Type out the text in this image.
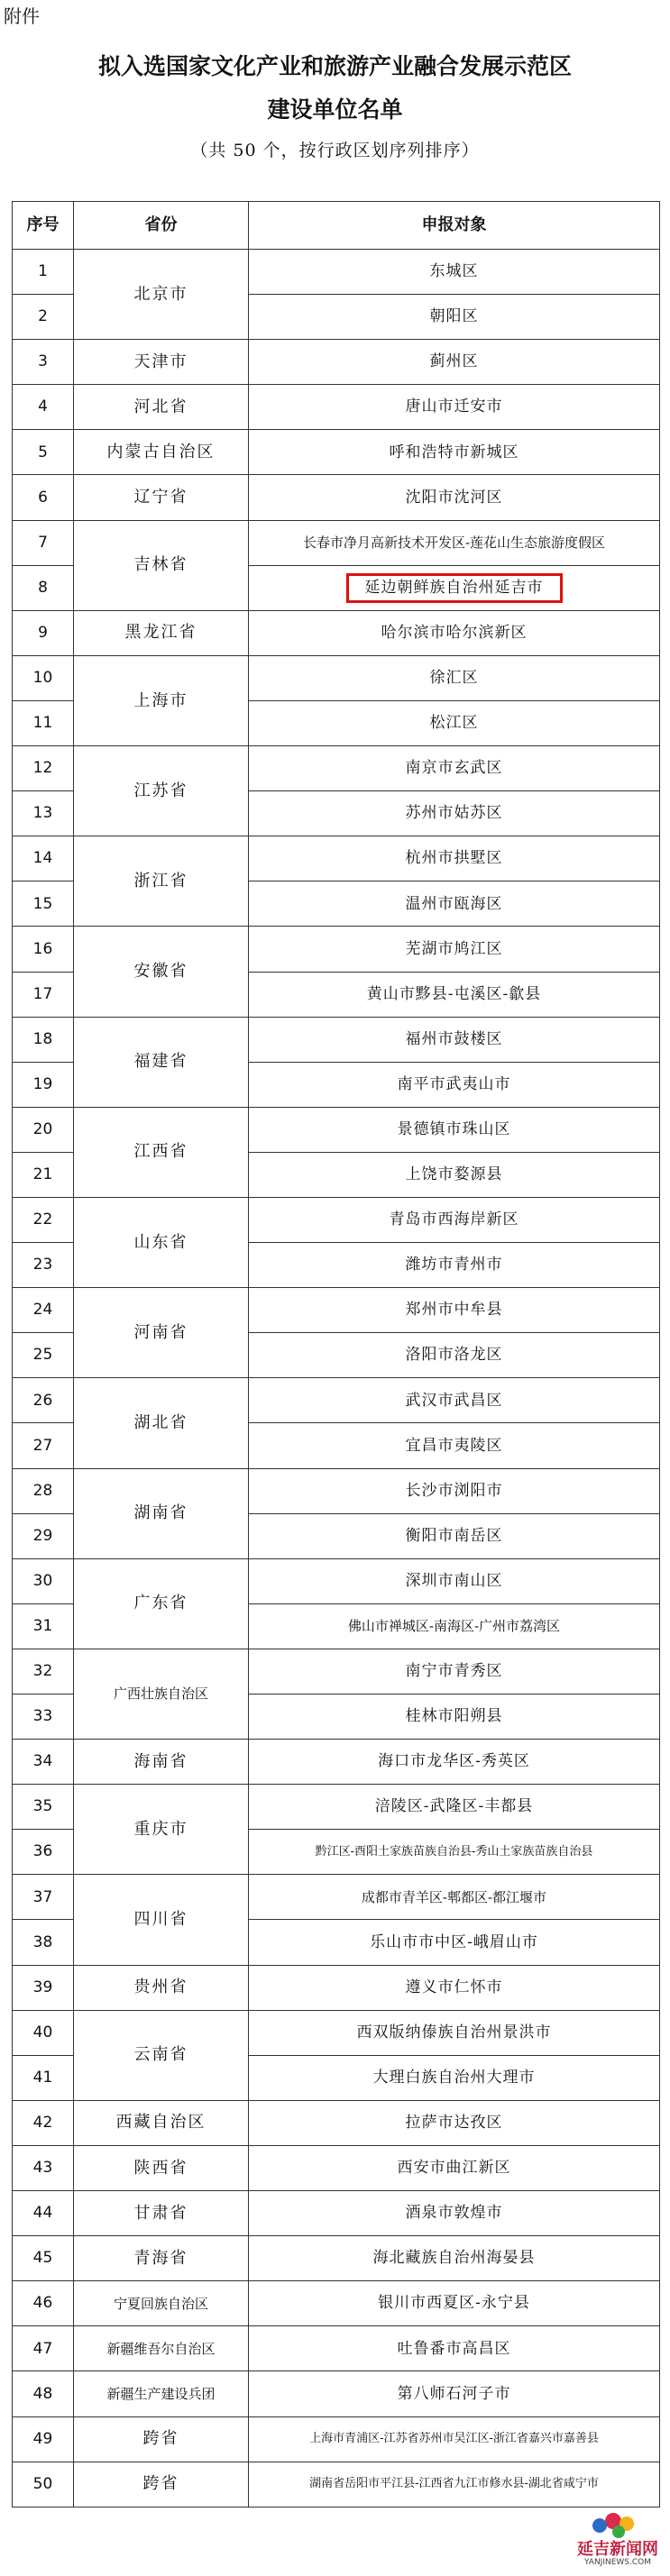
附件
拟入选国家文化产业和旅游产业融合发展示范区
建设单位名单
（共 50 个，按行政区划序列排序）
序号	省份	申报对象
1	北京市	东城区
2		朝阳区
3	天津市	蓟州区
4	河北省	唐山市迁安市
5	内蒙古自治区	呼和浩特市新城区
6	辽宁省	沈阳市沈河区
7	吉林省	长春市净月高新技术开发区-莲花山生态旅游度假区
8		延边朝鲜族自治州延吉市
9	黑龙江省	哈尔滨市哈尔滨新区
10	上海市	徐汇区
11		松江区
12	江苏省	南京市玄武区
13		苏州市姑苏区
14	浙江省	杭州市拱墅区
15		温州市瓯海区
16	安徽省	芜湖市鸠江区
17		黄山市黟县-屯溪区-歙县
18	福建省	福州市鼓楼区
19		南平市武夷山市
20	江西省	景德镇市珠山区
21		上饶市婺源县
22	山东省	青岛市西海岸新区
23		潍坊市青州市
24	河南省	郑州市中牟县
25		洛阳市洛龙区
26	湖北省	武汉市武昌区
27		宜昌市夷陵区
28	湖南省	长沙市浏阳市
29		衡阳市南岳区
30	广东省	深圳市南山区
31		佛山市禅城区-南海区-广州市荔湾区
32	广西壮族自治区	南宁市青秀区
33		桂林市阳朔县
34	海南省	海口市龙华区-秀英区
35	重庆市	涪陵区-武隆区-丰都县
36		黔江区-酉阳土家族苗族自治县-秀山土家族苗族自治县
37	四川省	成都市青羊区-郫都区-都江堰市
38		乐山市市中区-峨眉山市
39	贵州省	遵义市仁怀市
40	云南省	西双版纳傣族自治州景洪市
41		大理白族自治州大理市
42	西藏自治区	拉萨市达孜区
43	陕西省	西安市曲江新区
44	甘肃省	酒泉市敦煌市
45	青海省	海北藏族自治州海晏县
46	宁夏回族自治区	银川市西夏区-永宁县
47	新疆维吾尔自治区	吐鲁番市高昌区
48	新疆生产建设兵团	第八师石河子市
49	跨省	上海市青浦区-江苏省苏州市吴江区-浙江省嘉兴市嘉善县
50	跨省	湖南省岳阳市平江县-江西省九江市修水县-湖北省咸宁市
延吉新闻网
YANJINEWS.COM
